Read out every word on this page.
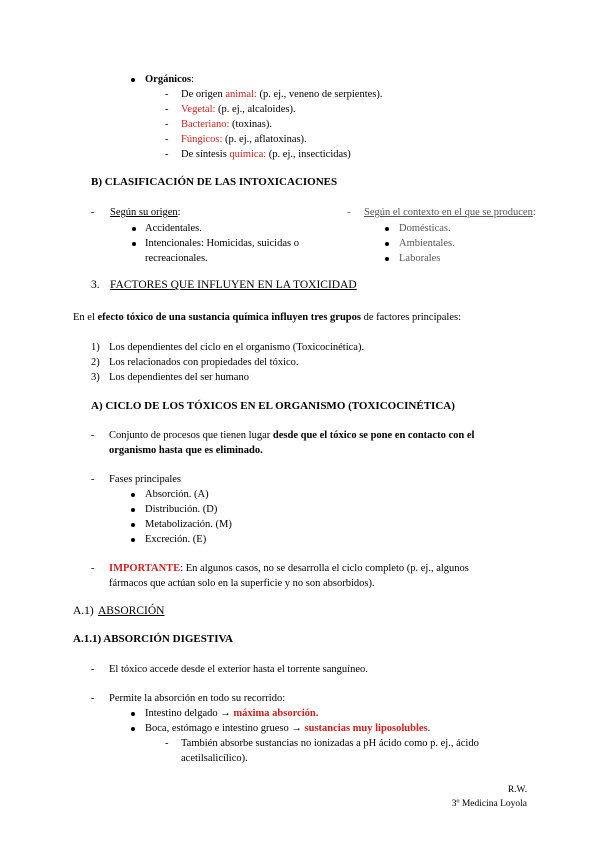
Orgánicos:
- De origen animal: (p. ej., veneno de serpientes).
- Vegetal: (p. ej., alcaloides).
- Bacteriano: (toxinas).
- Fúngicos: (p. ej., aflatoxinas).
- De síntesis química: (p. ej., insecticidas)
B) CLASIFICACIÓN DE LAS INTOXICACIONES
- Según su origen:
Accidentales.
Intencionales: Homicidas, suicidas o
recreacionales.
- Según el contexto en el que se producen:
Domésticas.
Ambientales.
Laborales
3. FACTORES QUE INFLUYEN EN LA TOXICIDAD
En el efecto tóxico de una sustancia química influyen tres grupos de factores principales:
1) Los dependientes del ciclo en el organismo (Toxicocinética).
2) Los relacionados con propiedades del tóxico.
3) Los dependientes del ser humano
A) CICLO DE LOS TÓXICOS EN EL ORGANISMO (TOXICOCINÉTICA)
- Conjunto de procesos que tienen lugar desde que el tóxico se pone en contacto con el
organismo hasta que es eliminado.
- Fases principales
Absorción. (A)
Distribución. (D)
Metabolización. (M)
Excreción. (E)
- IMPORTANTE: En algunos casos, no se desarrolla el ciclo completo (p. ej., algunos
fármacos que actúan solo en la superficie y no son absorbidos).
A.1) ABSORCIÓN
A.1.1) ABSORCIÓN DIGESTIVA
- El tóxico accede desde el exterior hasta el torrente sanguíneo.
- Permite la absorción en todo su recorrido:
Intestino delgado → máxima absorción.
Boca, estómago e intestino grueso → sustancias muy liposolubles.
- También absorbe sustancias no ionizadas a pH ácido como p. ej., ácido
acetilsalicílico).
R.W.
3º Medicina Loyola
